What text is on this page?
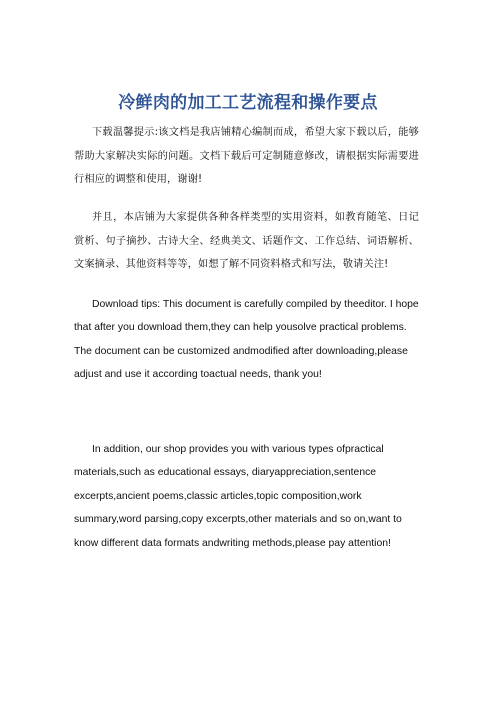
冷鲜肉的加工工艺流程和操作要点

下载温馨提示:该文档是我店铺精心编制而成，希望大家下载以后，能够帮助大家解决实际的问题。文档下载后可定制随意修改，请根据实际需要进行相应的调整和使用，谢谢!

并且，本店铺为大家提供各种各样类型的实用资料，如教育随笔、日记赏析、句子摘抄、古诗大全、经典美文、话题作文、工作总结、词语解析、文案摘录、其他资料等等，如想了解不同资料格式和写法，敬请关注!

Download tips: This document is carefully compiled by theeditor. I hope that after you download them,they can help yousolve practical problems. The document can be customized andmodified after downloading,please adjust and use it according toactual needs, thank you!

In addition, our shop provides you with various types ofpractical materials,such as educational essays, diaryappreciation,sentence excerpts,ancient poems,classic articles,topic composition,work summary,word parsing,copy excerpts,other materials and so on,want to know different data formats andwriting methods,please pay attention!
